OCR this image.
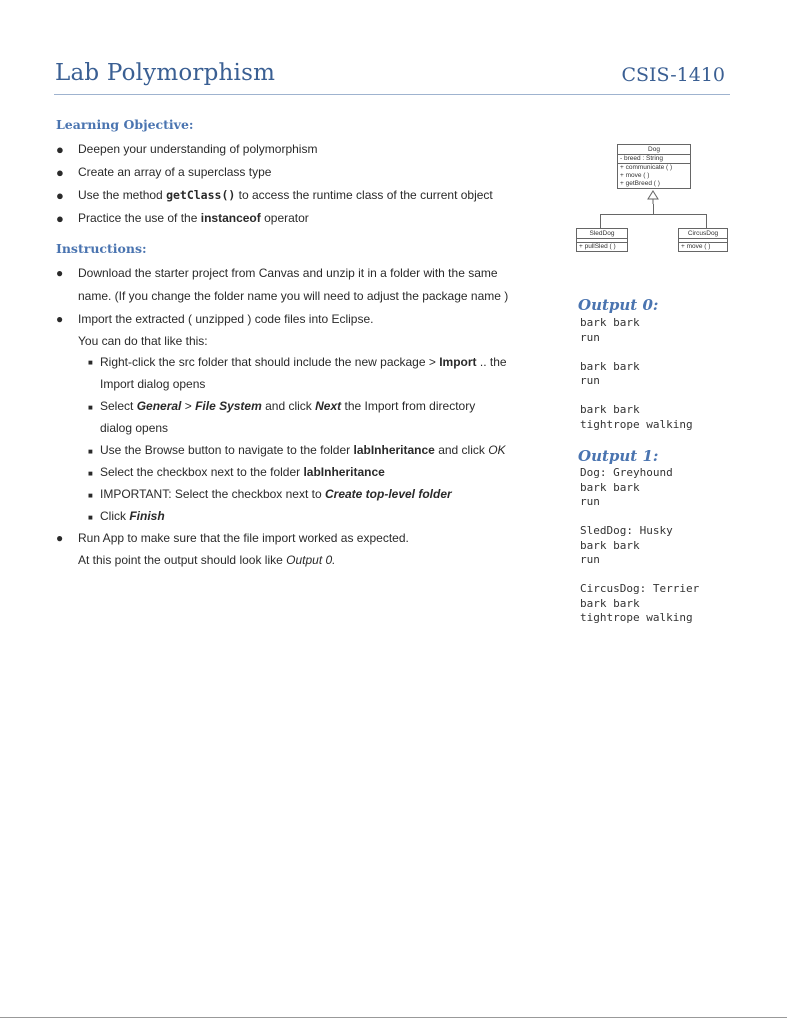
Lab Polymorphism	CSIS-1410
Learning Objective:
● Deepen your understanding of polymorphism
● Create an array of a superclass type
● Use the method getClass() to access the runtime class of the current object
● Practice the use of the instanceof operator
Instructions:
● Download the starter project from Canvas and unzip it in a folder with the same
name. (If you change the folder name you will need to adjust the package name )
● Import the extracted ( unzipped ) code files into Eclipse.
You can do that like this:
■ Right-click the src folder that should include the new package > Import .. the
Import dialog opens
■ Select General > File System and click Next the Import from directory
dialog opens
■ Use the Browse button to navigate to the folder labInheritance and click OK
■ Select the checkbox next to the folder labInheritance
■ IMPORTANT: Select the checkbox next to Create top-level folder
■ Click Finish
● Run App to make sure that the file import worked as expected.
At this point the output should look like Output 0.
Dog
- breed : String
+ communicate ( )
+ move ( )
+ getBreed ( )
SledDog
+ pullSled ( )
CircusDog
+ move ( )
Output 0:
bark bark
run

bark bark
run

bark bark
tightrope walking
Output 1:
Dog: Greyhound
bark bark
run

SledDog: Husky
bark bark
run

CircusDog: Terrier
bark bark
tightrope walking
